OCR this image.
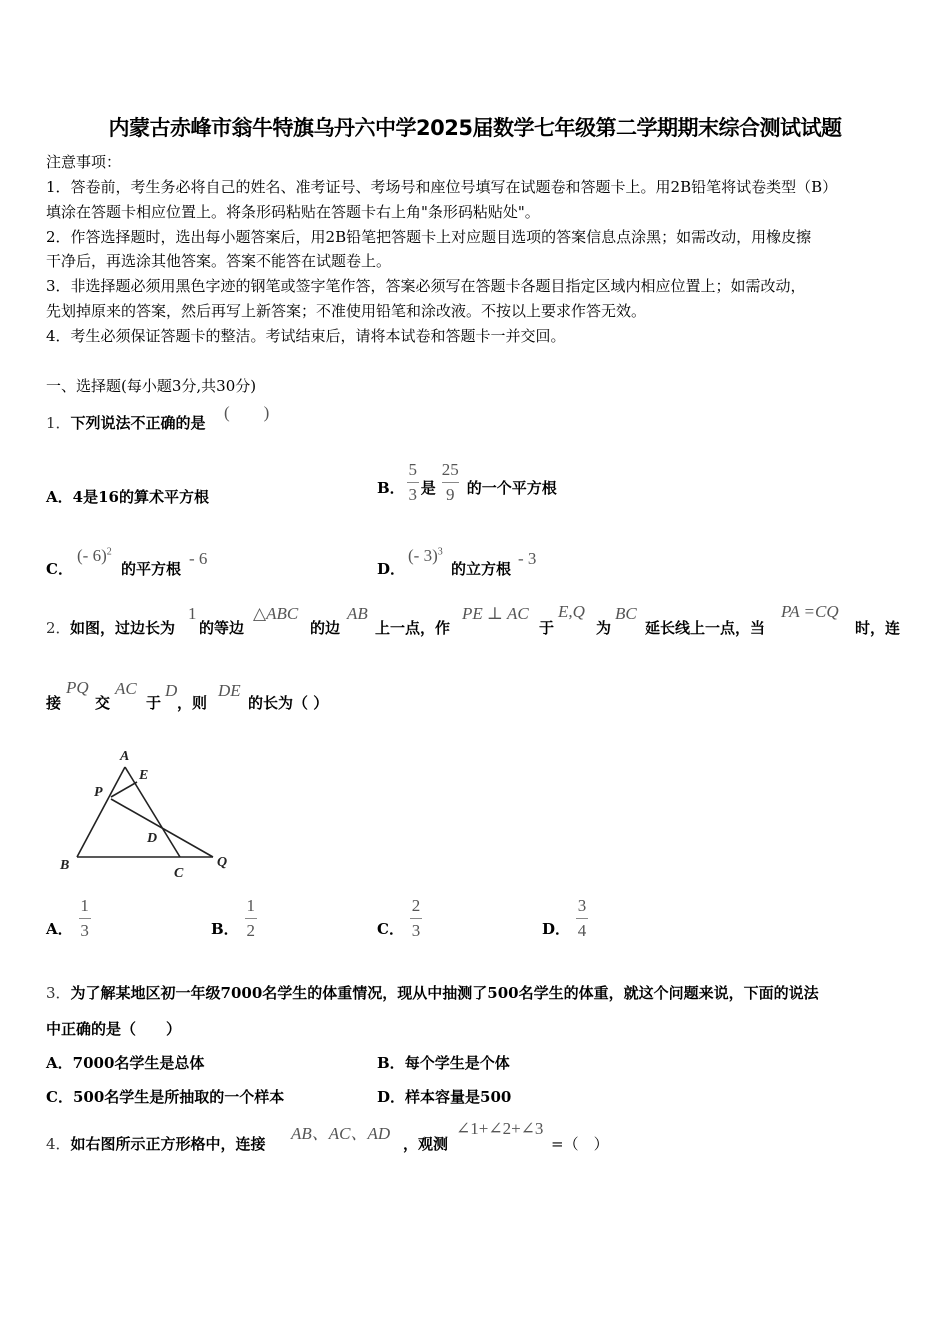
内蒙古赤峰市翁牛特旗乌丹六中学2025届数学七年级第二学期期末综合测试试题
注意事项：
1．答卷前，考生务必将自己的姓名、准考证号、考场号和座位号填写在试题卷和答题卡上。用2B铅笔将试卷类型（B）
填涂在答题卡相应位置上。将条形码粘贴在答题卡右上角"条形码粘贴处"。
2．作答选择题时，选出每小题答案后，用2B铅笔把答题卡上对应题目选项的答案信息点涂黑；如需改动，用橡皮擦
干净后，再选涂其他答案。答案不能答在试题卷上。
3．非选择题必须用黑色字迹的钢笔或签字笔作答，答案必须写在答题卡各题目指定区域内相应位置上；如需改动，
先划掉原来的答案，然后再写上新答案；不准使用铅笔和涂改液。不按以上要求作答无效。
4．考生必须保证答题卡的整洁。考试结束后，请将本试卷和答题卡一并交回。
一、选择题(每小题3分,共30分)
1．下列说法不正确的是
(　　)
A．4是16的算术平方根	B． $\frac{5}{3}$ 是 $\frac{25}{9}$ 的一个平方根
C．
(- 6)$^2$
的平方根
- 6
D．
(- 3)$^3$
的立方根
- 3
2． 如图，过边长为
1
的等边
△ABC
的边
AB
上一点，作
PE ⊥ AC
于
E,Q
为
BC
延长线上一点，当
PA =CQ
时，连
接
PQ
交
AC
于
D
，则
DE
的长为（ ）
A
E
P
D
B
C
Q
A． $\frac{1}{3}$	B． $\frac{1}{2}$	C． $\frac{2}{3}$	D． $\frac{3}{4}$
3．为了解某地区初一年级7000名学生的体重情况，现从中抽测了500名学生的体重，就这个问题来说，下面的说法
中正确的是（　　）
A．7000名学生是总体	B．每个学生是个体
C．500名学生是所抽取的一个样本	D．样本容量是500
4．如右图所示正方形格中，连接
AB、AC、AD
，观测
∠1+∠2+∠3
=（　）
